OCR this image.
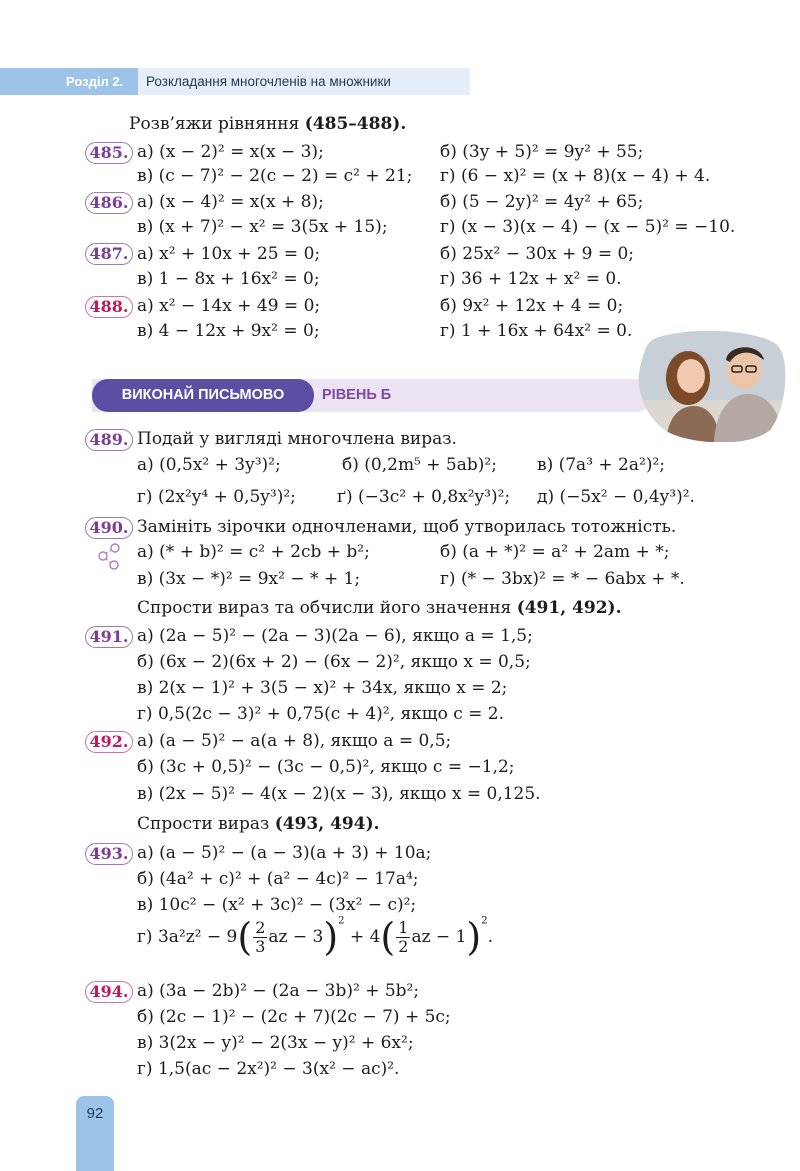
Розділ 2.	Розкладання многочленів на множники
Розв’яжи рівняння (485–488).
485. а) (x − 2)² = x(x − 3);	б) (3y + 5)² = 9y² + 55;
в) (c − 7)² − 2(c − 2) = c² + 21; г) (6 − x)² = (x + 8)(x − 4) + 4.
486. а) (x − 4)² = x(x + 8);	б) (5 − 2y)² = 4y² + 65;
в) (x + 7)² − x² = 3(5x + 15);	г) (x − 3)(x − 4) − (x − 5)² = −10.
487. а) x² + 10x + 25 = 0;	б) 25x² − 30x + 9 = 0;
в) 1 − 8x + 16x² = 0;	г) 36 + 12x + x² = 0.
488. а) x² − 14x + 49 = 0;	б) 9x² + 12x + 4 = 0;
в) 4 − 12x + 9x² = 0;	г) 1 + 16x + 64x² = 0.
ВИКОНАЙ ПИСЬМОВО	РІВЕНЬ Б
489. Подай у вигляді многочлена вираз.
а) (0,5x² + 3y³)²;	б) (0,2m⁵ + 5ab)²; в) (7a³ + 2a²)²;
г) (2x²y⁴ + 0,5y³)²; ґ) (−3c² + 0,8x²y³)²; д) (−5x² − 0,4y³)².
490. Замініть зірочки одночленами, щоб утворилась тотожність.
а) (* + b)² = c² + 2cb + b²;	б) (a + *)² = a² + 2am + *;
в) (3x − *)² = 9x² − * + 1;	г) (* − 3bx)² = * − 6abx + *.
Спрости вираз та обчисли його значення (491, 492).
491. а) (2a − 5)² − (2a − 3)(2a − 6), якщо a = 1,5;
б) (6x − 2)(6x + 2) − (6x − 2)², якщо x = 0,5;
в) 2(x − 1)² + 3(5 − x)² + 34x, якщо x = 2;
г) 0,5(2c − 3)² + 0,75(c + 4)², якщо c = 2.
492. а) (a − 5)² − a(a + 8), якщо a = 0,5;
б) (3c + 0,5)² − (3c − 0,5)², якщо c = −1,2;
в) (2x − 5)² − 4(x − 2)(x − 3), якщо x = 0,125.
Спрости вираз (493, 494).
493. а) (a − 5)² − (a − 3)(a + 3) + 10a;
б) (4a² + c)² + (a² − 4c)² − 17a⁴;
в) 10c² − (x² + 3c)² − (3x² − c)²;
г) $3a^2z^2 - 9( \frac{2}{3}$ az − $3)^2 + 4( \frac{1}{2}$ az − 1)$^2$.
494. а) (3a − 2b)² − (2a − 3b)² + 5b²;
б) (2c − 1)² − (2c + 7)(2c − 7) + 5c;
в) 3(2x − y)² − 2(3x − y)² + 6x²;
г) 1,5(ac − 2x²)² − 3(x² − ac)².
92
